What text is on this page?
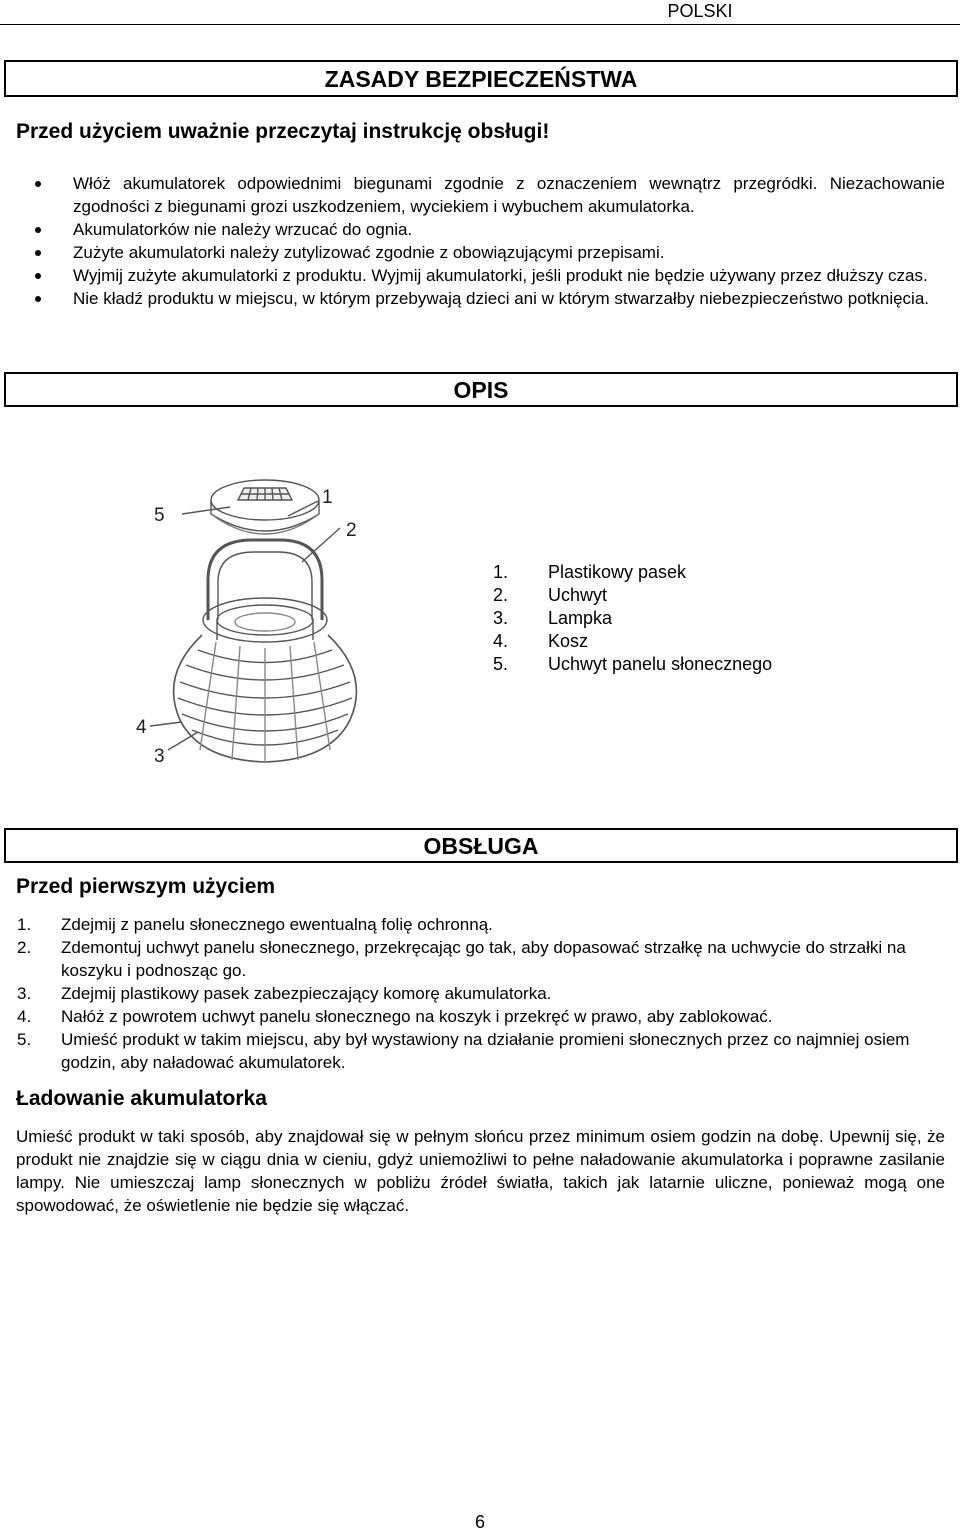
POLSKI
ZASADY BEZPIECZEŃSTWA
Przed użyciem uważnie przeczytaj instrukcję obsługi!
Włóż akumulatorek odpowiednimi biegunami zgodnie z oznaczeniem wewnątrz przegródki. Niezachowanie zgodności z biegunami grozi uszkodzeniem, wyciekiem i wybuchem akumulatorka.
Akumulatorków nie należy wrzucać do ognia.
Zużyte akumulatorki należy zutylizować zgodnie z obowiązującymi przepisami.
Wyjmij zużyte akumulatorki z produktu. Wyjmij akumulatorki, jeśli produkt nie będzie używany przez dłuższy czas.
Nie kładź produktu w miejscu, w którym przebywają dzieci ani w którym stwarzałby niebezpieczeństwo potknięcia.
OPIS
5
1
2
4
3
1. Plastikowy pasek
2. Uchwyt
3. Lampka
4. Kosz
5. Uchwyt panelu słonecznego
OBSŁUGA
Przed pierwszym użyciem
1. Zdejmij z panelu słonecznego ewentualną folię ochronną.
2. Zdemontuj uchwyt panelu słonecznego, przekręcając go tak, aby dopasować strzałkę na uchwycie do strzałki na koszyku i podnosząc go.
3. Zdejmij plastikowy pasek zabezpieczający komorę akumulatorka.
4. Nałóż z powrotem uchwyt panelu słonecznego na koszyk i przekręć w prawo, aby zablokować.
5. Umieść produkt w takim miejscu, aby był wystawiony na działanie promieni słonecznych przez co najmniej osiem godzin, aby naładować akumulatorek.
Ładowanie akumulatorka
Umieść produkt w taki sposób, aby znajdował się w pełnym słońcu przez minimum osiem godzin na dobę. Upewnij się, że produkt nie znajdzie się w ciągu dnia w cieniu, gdyż uniemożliwi to pełne naładowanie akumulatorka i poprawne zasilanie lampy. Nie umieszczaj lamp słonecznych w pobliżu źródeł światła, takich jak latarnie uliczne, ponieważ mogą one spowodować, że oświetlenie nie będzie się włączać.
6
